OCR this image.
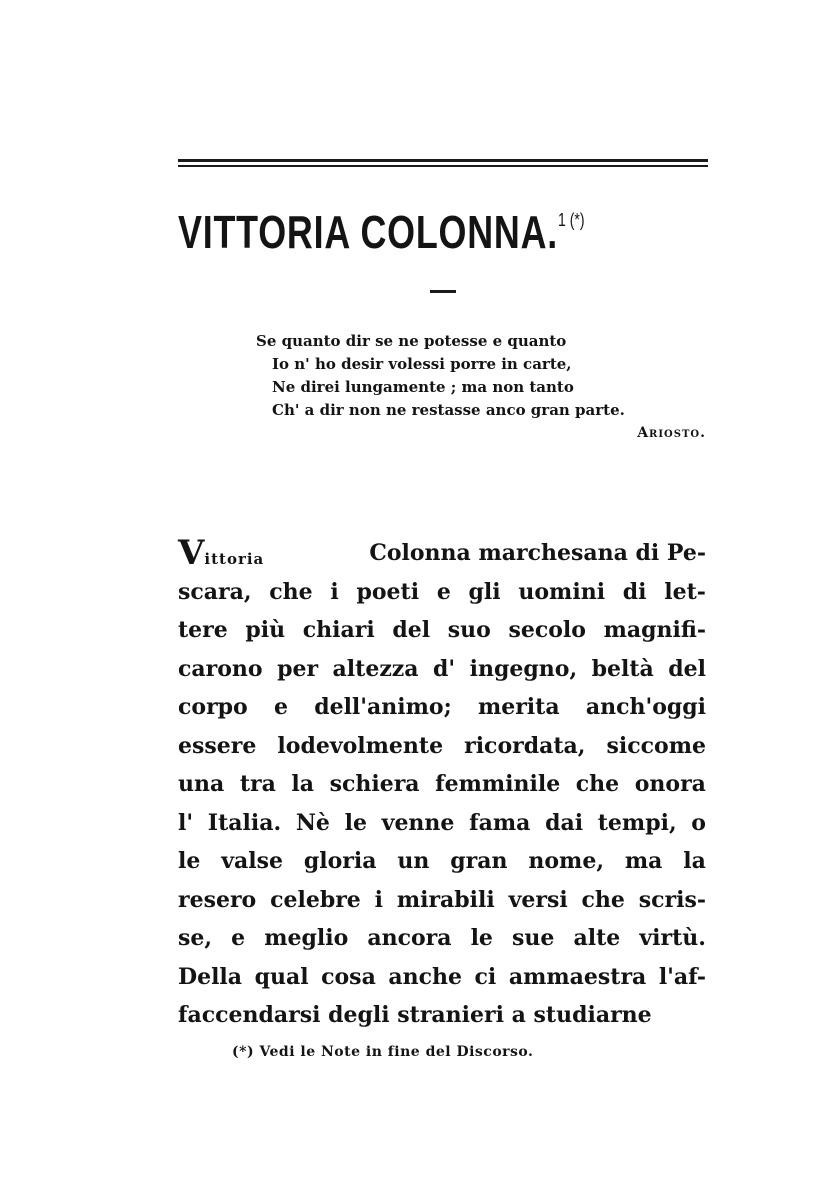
VITTORIA COLONNA.$^{1 (*)}$
Se quanto dir se ne potesse e quanto
Io n' ho desir volessi porre in carte,
Ne direi lungamente ; ma non tanto
Ch' a dir non ne restasse anco gran parte.
Ariosto.
Vittoria	Colonna marchesana di Pe-
scara, che i poeti e gli uomini di let-
tere più chiari del suo secolo magnifi-
carono per altezza d' ingegno, beltà del
corpo e dell'animo; merita anch'oggi
essere lodevolmente ricordata, siccome
una tra la schiera femminile che onora
l' Italia. Nè le venne fama dai tempi, o
le valse gloria un gran nome, ma la
resero celebre i mirabili versi che scris-
se, e meglio ancora le sue alte virtù.
Della qual cosa anche ci ammaestra l'af-
faccendarsi degli stranieri a studiarne
(*) Vedi le Note in fine del Discorso.
